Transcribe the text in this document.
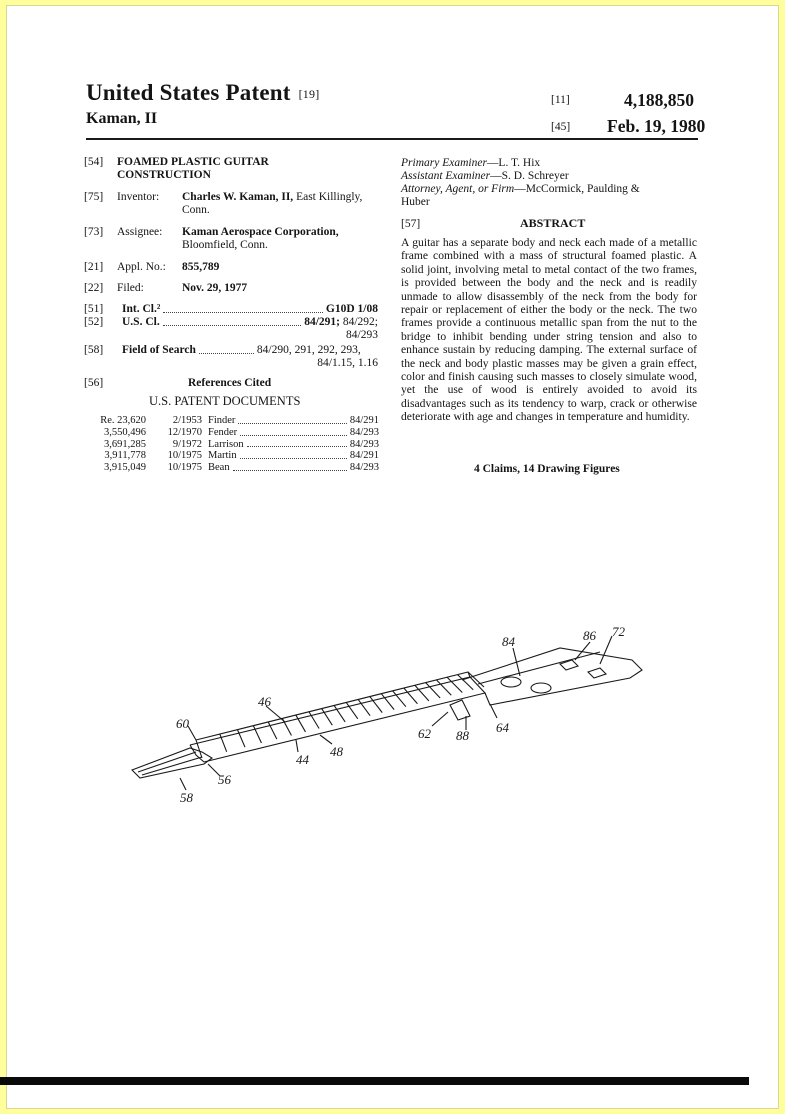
United States Patent [19]
Kaman, II
[11]	4,188,850
[45] Feb. 19, 1980
[54] FOAMED PLASTIC GUITAR
CONSTRUCTION
[75] Inventor: Charles W. Kaman, II, East Killingly,
Conn.
[73] Assignee: Kaman Aerospace Corporation,
Bloomfield, Conn.
[21] Appl. No.: 855,789
[22] Filed:	Nov. 29, 1977
[51] Int. Cl.²	G10D 1/08
[52] U.S. Cl.	84/291;
84/292;
84/293
[58] Field of Search	84/290, 291, 292, 293,
84/1.15, 1.16
[56]	References Cited
U.S. PATENT DOCUMENTS
Re. 23,620	2/1953	Finder 84/291

3,550,496	12/1970	Fender 84/293

3,691,285	9/1972	Larrison 84/293

3,911,778	10/1975	Martin 84/291

3,915,049	10/1975	Bean 84/293
Primary Examiner—L. T. Hix
Assistant Examiner—S. D. Schreyer
Attorney, Agent, or Firm—McCormick, Paulding &
Huber
[57]	ABSTRACT
A guitar has a separate body and neck each made of a metallic frame combined with a mass of structural foamed plastic. A solid joint, involving metal to metal contact of the two frames, is provided between the body and the neck and is readily unmade to allow disassembly of the neck from the body for repair or replacement of either the body or the neck. The two frames provide a continuous metallic span from the nut to the bridge to inhibit bending under string tension and also to enhance sustain by reducing damping. The external surface of the neck and body plastic masses may be given a grain effect, color and finish causing such masses to closely simulate wood, yet the use of wood is entirely avoided to avoid its disadvantages such as its tendency to warp, crack or otherwise deteriorate with age and changes in temperature and humidity.
4 Claims, 14 Drawing Figures
84	86 72
46
60
62 88
64
44
48
56
58
